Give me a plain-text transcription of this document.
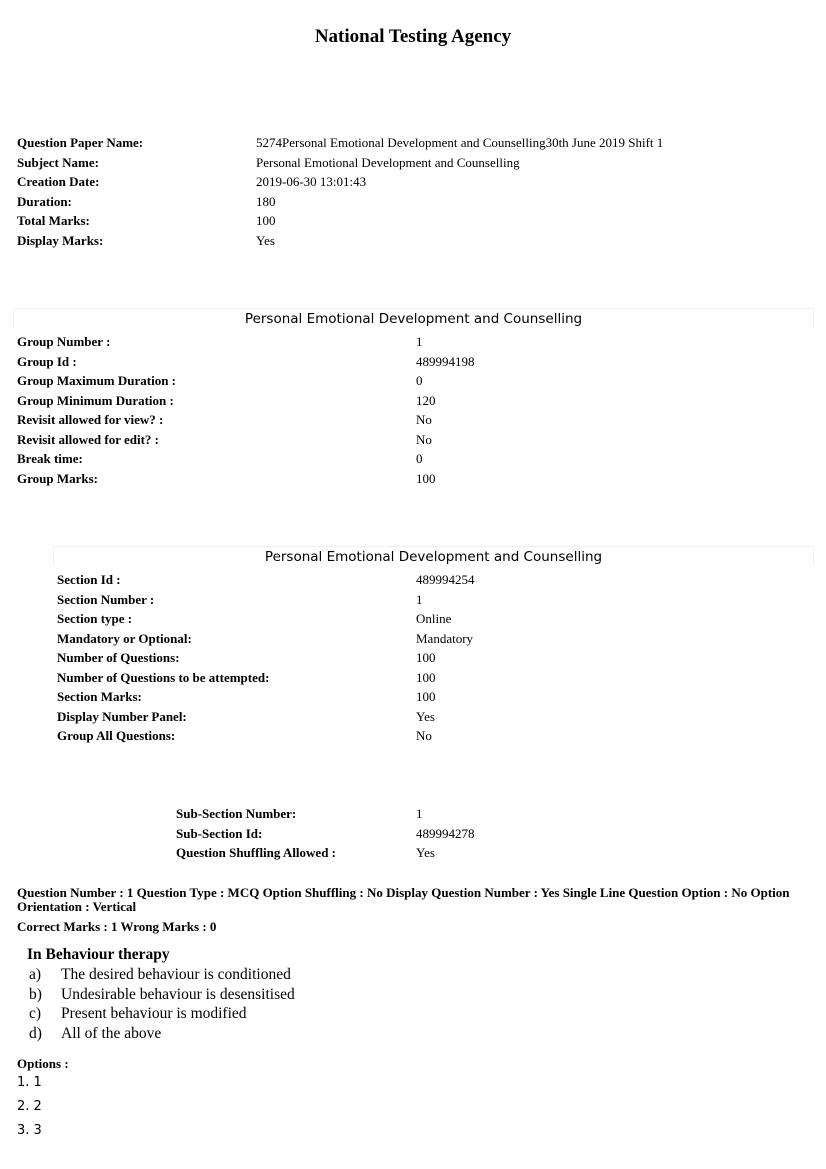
National Testing Agency
Question Paper Name:	5274Personal Emotional Development and Counselling30th June 2019 Shift 1
Subject Name:	Personal Emotional Development and Counselling
Creation Date:	2019-06-30 13:01:43
Duration:	180
Total Marks:	100
Display Marks:	Yes
Personal Emotional Development and Counselling
Group Number :	1
Group Id :	489994198
Group Maximum Duration :	0
Group Minimum Duration :	120
Revisit allowed for view? :	No
Revisit allowed for edit? :	No
Break time:	0
Group Marks:	100
Personal Emotional Development and Counselling
Section Id :	489994254
Section Number :	1
Section type :	Online
Mandatory or Optional:	Mandatory
Number of Questions:	100
Number of Questions to be attempted:	100
Section Marks:	100
Display Number Panel:	Yes
Group All Questions:	No
Sub-Section Number:	1
Sub-Section Id:	489994278
Question Shuffling Allowed :	Yes
Question Number : 1 Question Type : MCQ Option Shuffling : No Display Question Number : Yes Single Line Question Option : No Option Orientation : Vertical
Correct Marks : 1 Wrong Marks : 0
In Behaviour therapy
a)	The desired behaviour is conditioned
b)	Undesirable behaviour is desensitised
c)	Present behaviour is modified
d)	All of the above
Options :
1. 1
2. 2
3. 3
